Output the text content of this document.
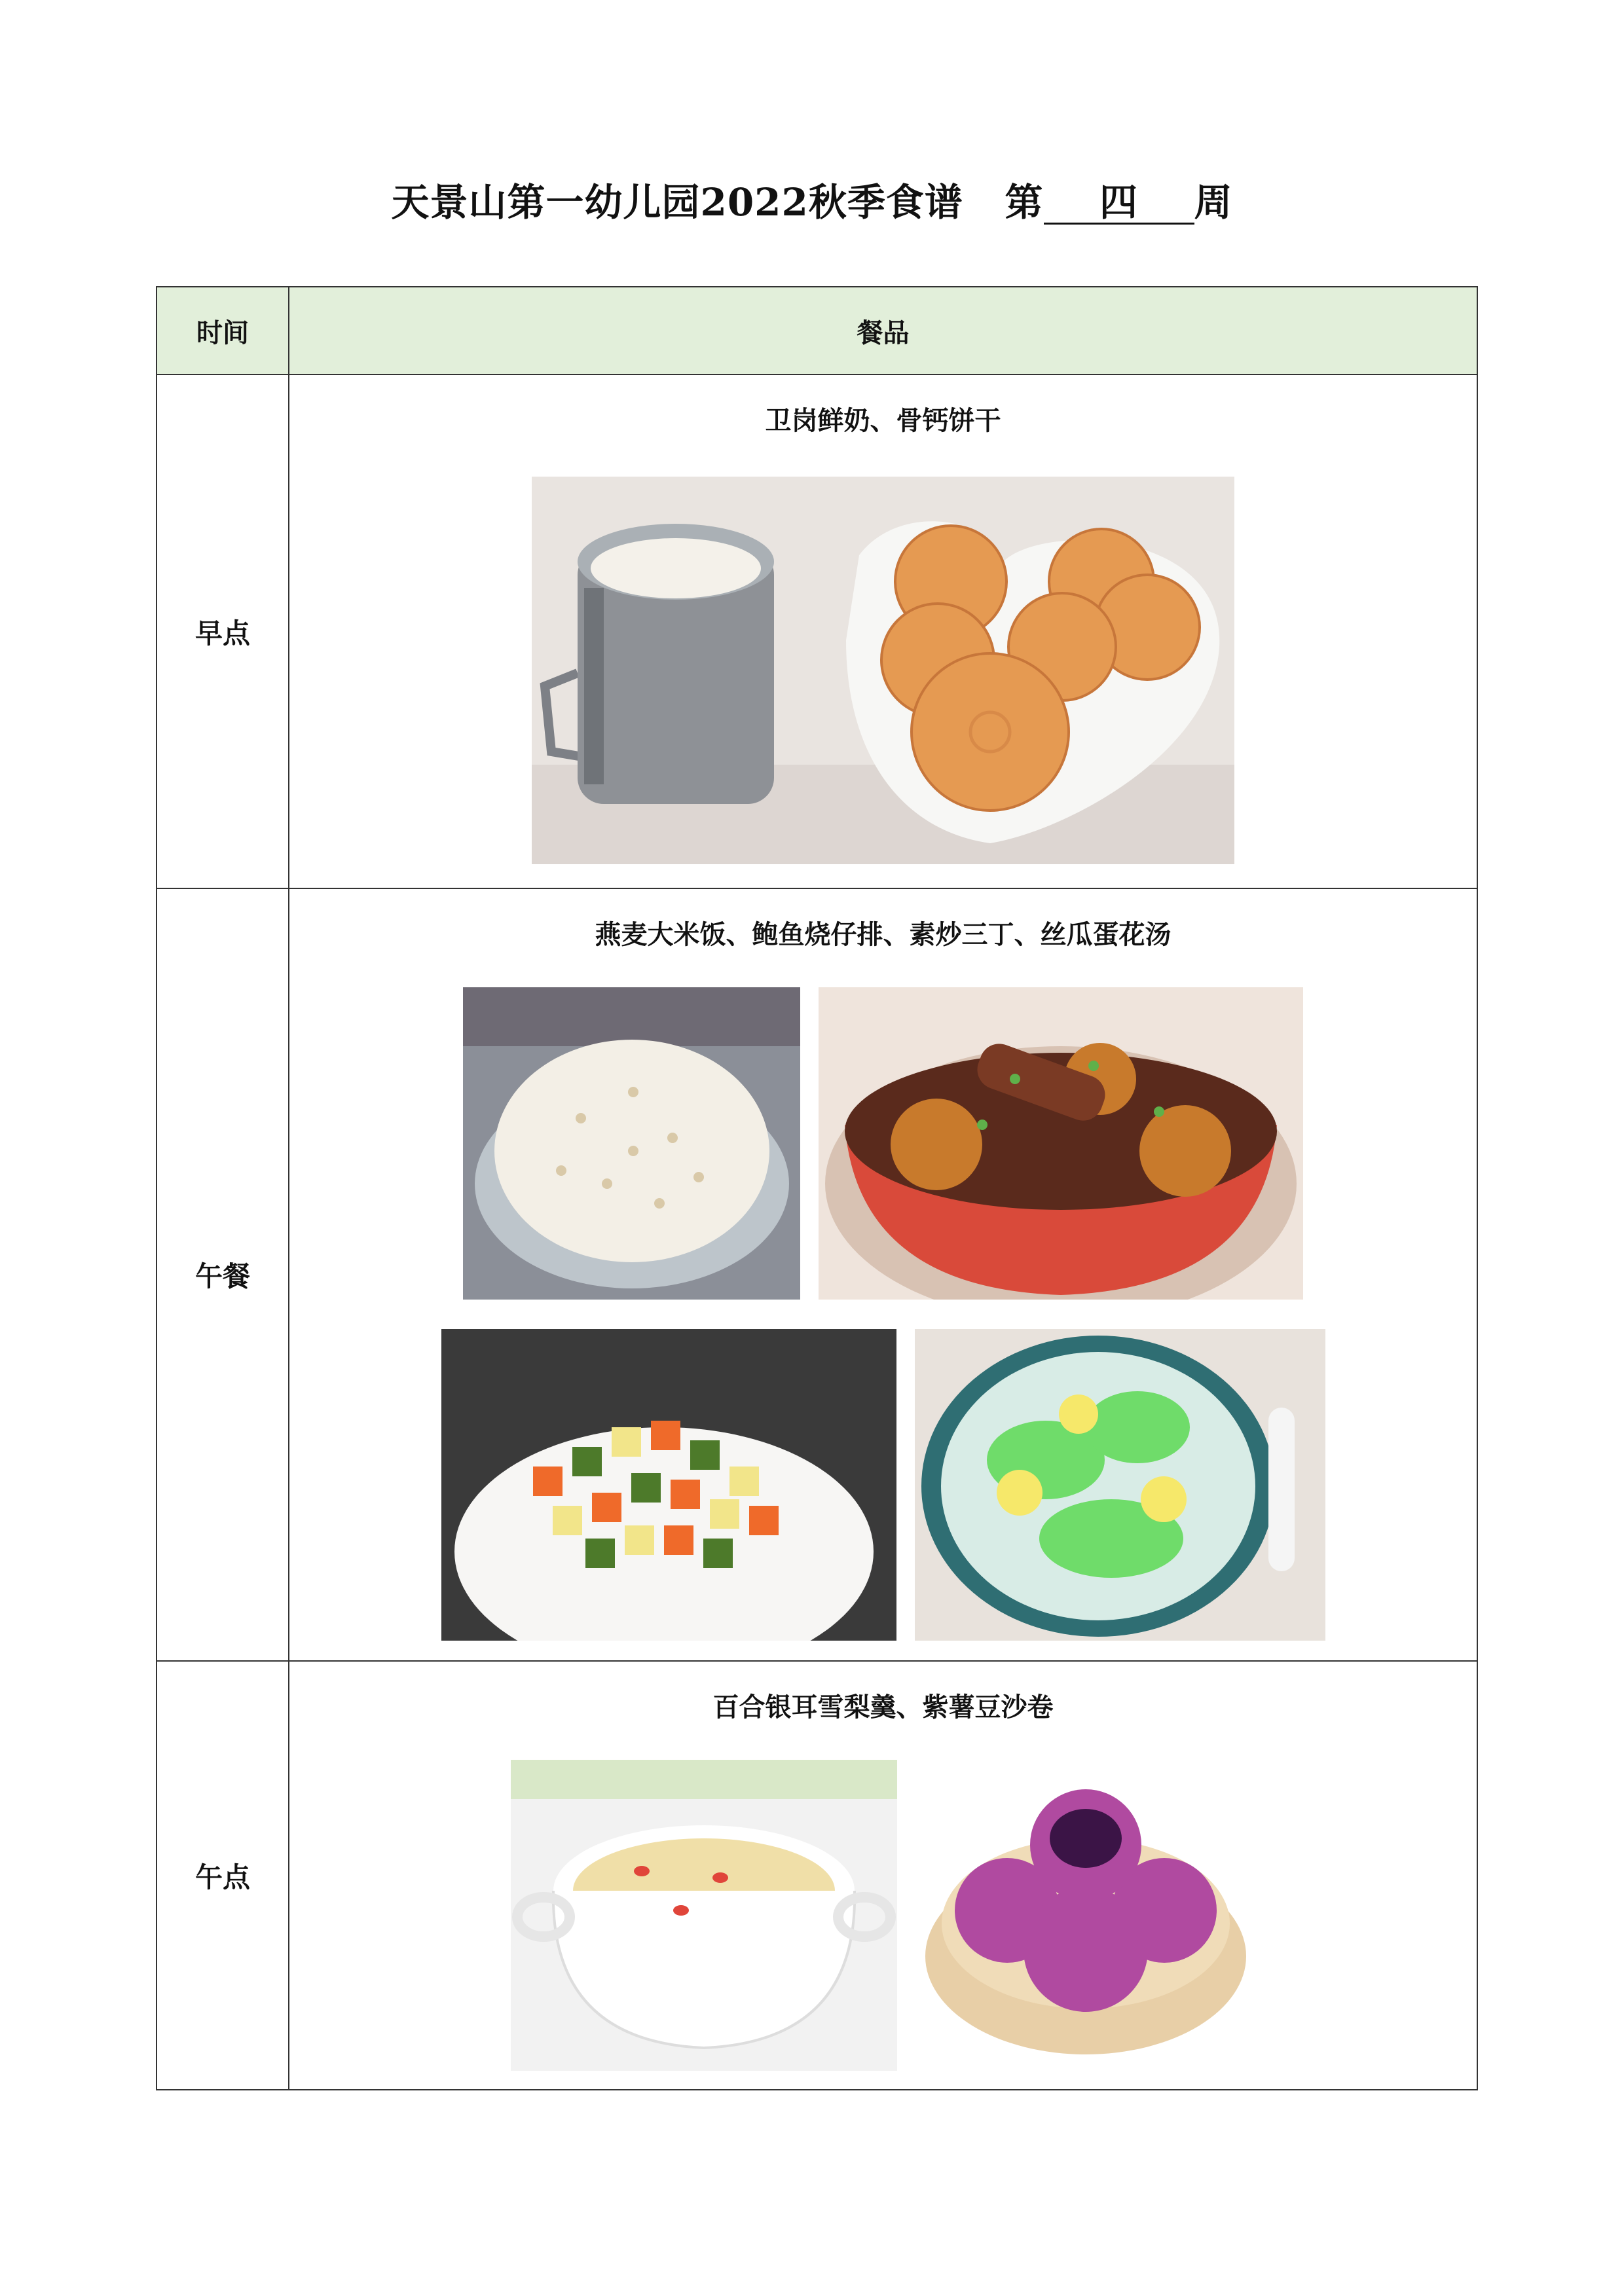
天景山第一幼儿园2022秋季食谱 第 四 周
时间	餐品
早点	卫岗鲜奶、骨钙饼干

午餐	燕麦大米饭、鲍鱼烧仔排、素炒三丁、丝瓜蛋花汤

午点	百合银耳雪梨羹、紫薯豆沙卷
